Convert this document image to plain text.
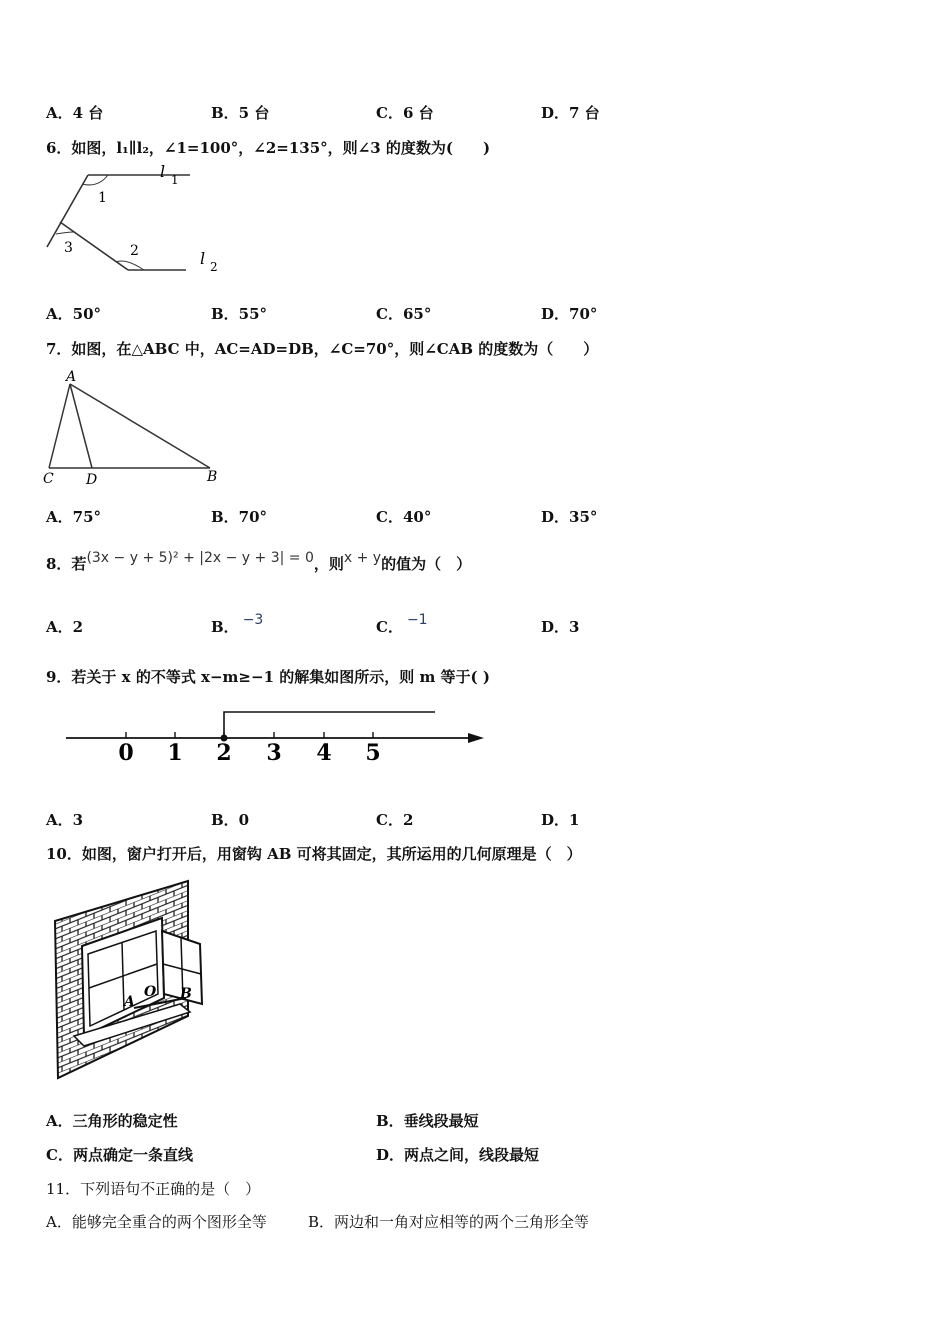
A．4 台	B．5 台	C．6 台	D．7 台
6．如图，l₁∥l₂，∠1=100°，∠2=135°，则∠3 的度数为(　　)
1
3	2
l 1
l 2
A．50°	B．55°	C．65°	D．70°
7．如图，在△ABC 中，AC=AD=DB，∠C=70°，则∠CAB 的度数为（　　）
A
C D	B
A．75°	B．70°	C．40°	D．35°
8．若(3x − y + 5)² + |2x − y + 3| = 0，则x + y的值为（　）
A．2	B． −3	C． −1	D．3
9．若关于 x 的不等式 x−m≥−1 的解集如图所示，则 m 等于( )
0 1 2 3 4 5
A．3	B．0	C．2	D．1
10．如图，窗户打开后，用窗钩 AB 可将其固定，其所运用的几何原理是（　）
A
O B
A．三角形的稳定性	B．垂线段最短
C．两点确定一条直线	D．两点之间，线段最短
11．下列语句不正确的是（　）
A．能够完全重合的两个图形全等	B．两边和一角对应相等的两个三角形全等
